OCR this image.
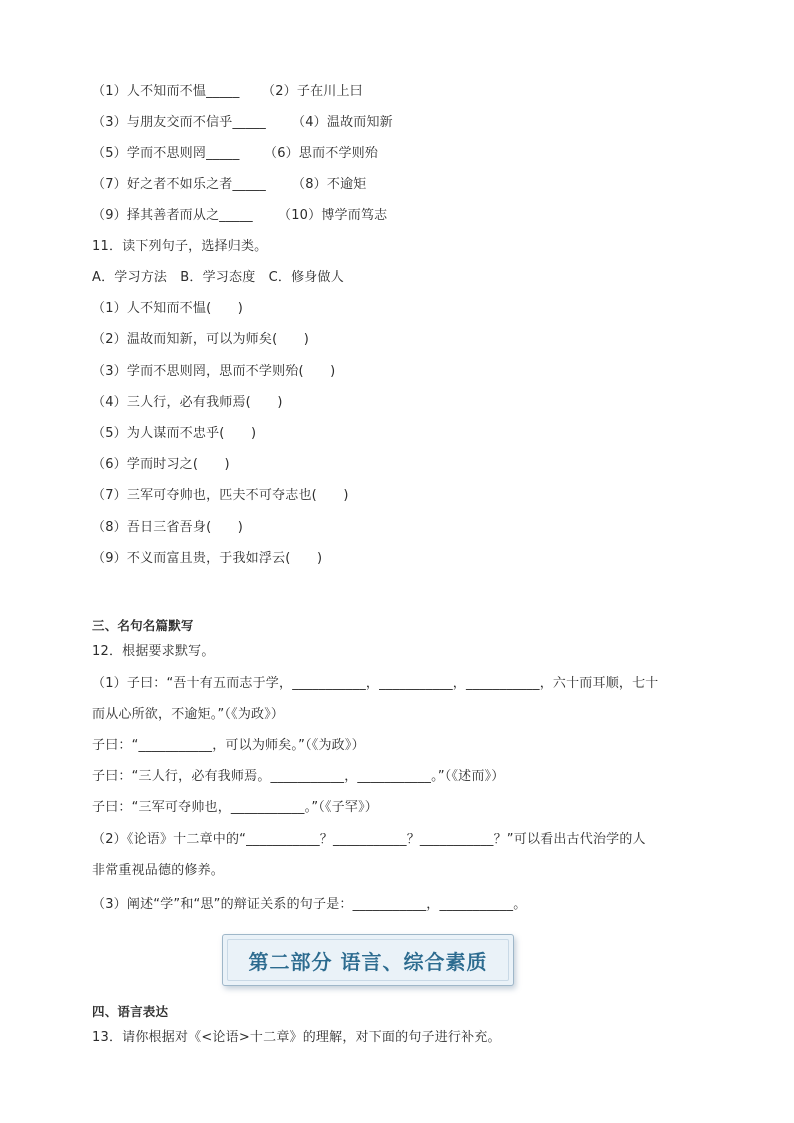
（1）人不知而不愠_____ （2）子在川上曰
（3）与朋友交而不信乎_____ （4）温故而知新
（5）学而不思则罔_____ （6）思而不学则殆
（7）好之者不如乐之者_____ （8）不逾矩
（9）择其善者而从之_____ （10）博学而笃志
11．读下列句子，选择归类。
A．学习方法　B．学习态度　C．修身做人
（1）人不知而不愠(　　)
（2）温故而知新，可以为师矣(　　)
（3）学而不思则罔，思而不学则殆(　　)
（4）三人行，必有我师焉(　　)
（5）为人谋而不忠乎(　　)
（6）学而时习之(　　)
（7）三军可夺帅也，匹夫不可夺志也(　　)
（8）吾日三省吾身(　　)
（9）不义而富且贵，于我如浮云(　　)
三、名句名篇默写
12．根据要求默写。
（1）子曰：“吾十有五而志于学，___________，___________，___________，六十而耳顺，七十
而从心所欲，不逾矩。”（《为政》）
子曰：“___________，可以为师矣。”（《为政》）
子曰：“三人行，必有我师焉。___________，___________。”（《述而》）
子曰：“三军可夺帅也，___________。”（《子罕》）
（2）《论语》十二章中的“___________？___________？___________？”可以看出古代治学的人
非常重视品德的修养。
（3）阐述“学”和“思”的辩证关系的句子是：___________，___________。
第二部分 语言、综合素质
四、语言表达
13．请你根据对《<论语>十二章》的理解，对下面的句子进行补充。
